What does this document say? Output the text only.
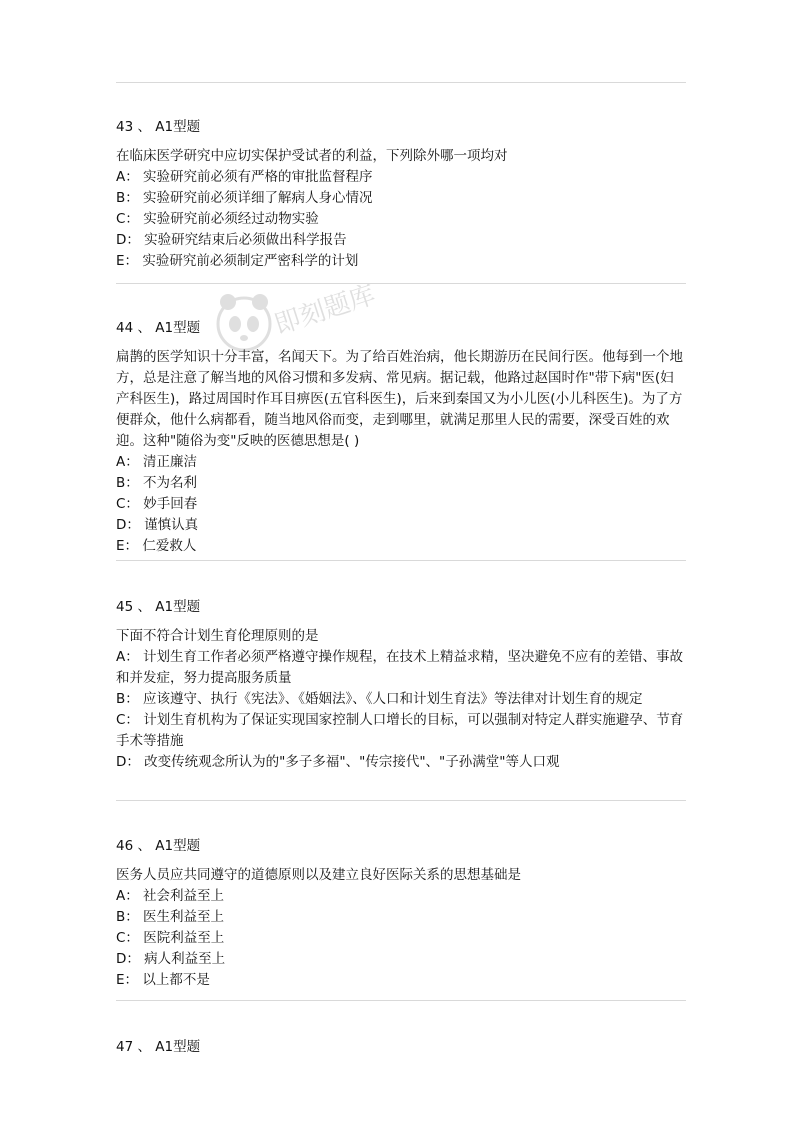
43 、 A1型题

在临床医学研究中应切实保护受试者的利益，下列除外哪一项均对

A： 实验研究前必须有严格的审批监督程序

B： 实验研究前必须详细了解病人身心情况

C： 实验研究前必须经过动物实验

D： 实验研究结束后必须做出科学报告

E： 实验研究前必须制定严密科学的计划

44 、 A1型题

扁鹊的医学知识十分丰富，名闻天下。为了给百姓治病，他长期游历在民间行医。他每到一个地方，总是注意了解当地的风俗习惯和多发病、常见病。据记载，他路过赵国时作"带下病"医(妇产科医生)，路过周国时作耳目痹医(五官科医生)，后来到秦国又为小儿医(小儿科医生)。为了方便群众，他什么病都看，随当地风俗而变，走到哪里，就满足那里人民的需要，深受百姓的欢迎。这种"随俗为变"反映的医德思想是( )

A： 清正廉洁

B： 不为名利

C： 妙手回春

D： 谨慎认真

E： 仁爱救人

45 、 A1型题

下面不符合计划生育伦理原则的是

A： 计划生育工作者必须严格遵守操作规程，在技术上精益求精，坚决避免不应有的差错、事故和并发症，努力提高服务质量

B： 应该遵守、执行《宪法》、《婚姻法》、《人口和计划生育法》等法律对计划生育的规定

C： 计划生育机构为了保证实现国家控制人口增长的目标，可以强制对特定人群实施避孕、节育手术等措施

D： 改变传统观念所认为的"多子多福"、"传宗接代"、"子孙满堂"等人口观

46 、 A1型题

医务人员应共同遵守的道德原则以及建立良好医际关系的思想基础是

A： 社会利益至上

B： 医生利益至上

C： 医院利益至上

D： 病人利益至上

E： 以上都不是

47 、 A1型题

即刻题库
